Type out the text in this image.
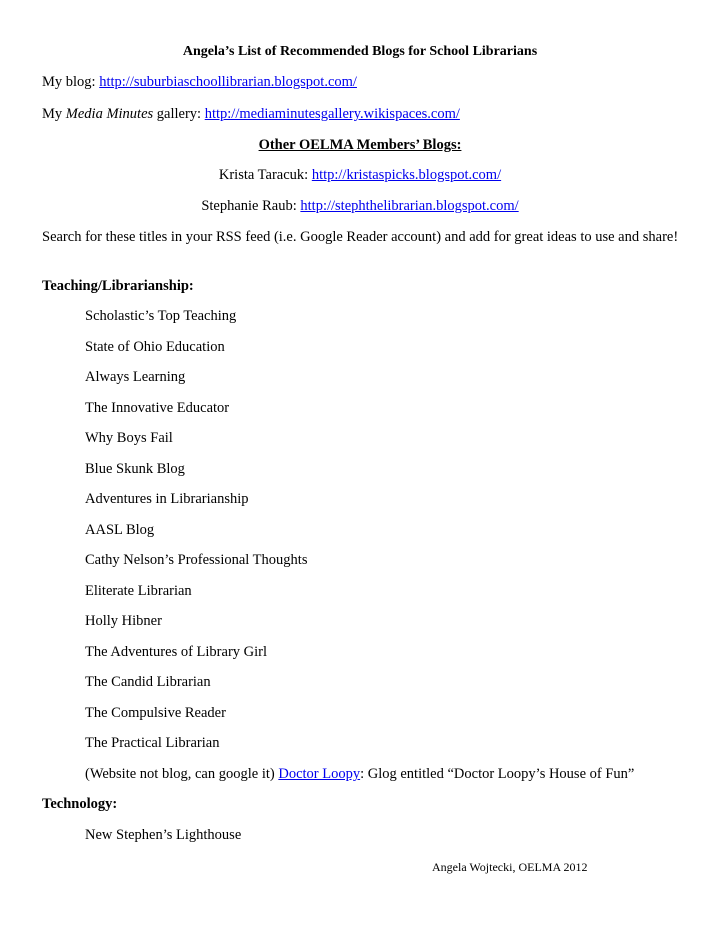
Angela’s List of Recommended Blogs for School Librarians
My blog: http://suburbiaschoollibrarian.blogspot.com/
My Media Minutes gallery: http://mediaminutesgallery.wikispaces.com/
Other OELMA Members’ Blogs:
Krista Taracuk: http://kristaspicks.blogspot.com/
Stephanie Raub: http://stephthelibrarian.blogspot.com/
Search for these titles in your RSS feed (i.e. Google Reader account) and add for great ideas to use and share!
Teaching/Librarianship:
Scholastic’s Top Teaching
State of Ohio Education
Always Learning
The Innovative Educator
Why Boys Fail
Blue Skunk Blog
Adventures in Librarianship
AASL Blog
Cathy Nelson’s Professional Thoughts
Eliterate Librarian
Holly Hibner
The Adventures of Library Girl
The Candid Librarian
The Compulsive Reader
The Practical Librarian
(Website not blog, can google it) Doctor Loopy: Glog entitled “Doctor Loopy’s House of Fun”
Technology:
New Stephen’s Lighthouse
Angela Wojtecki, OELMA 2012
